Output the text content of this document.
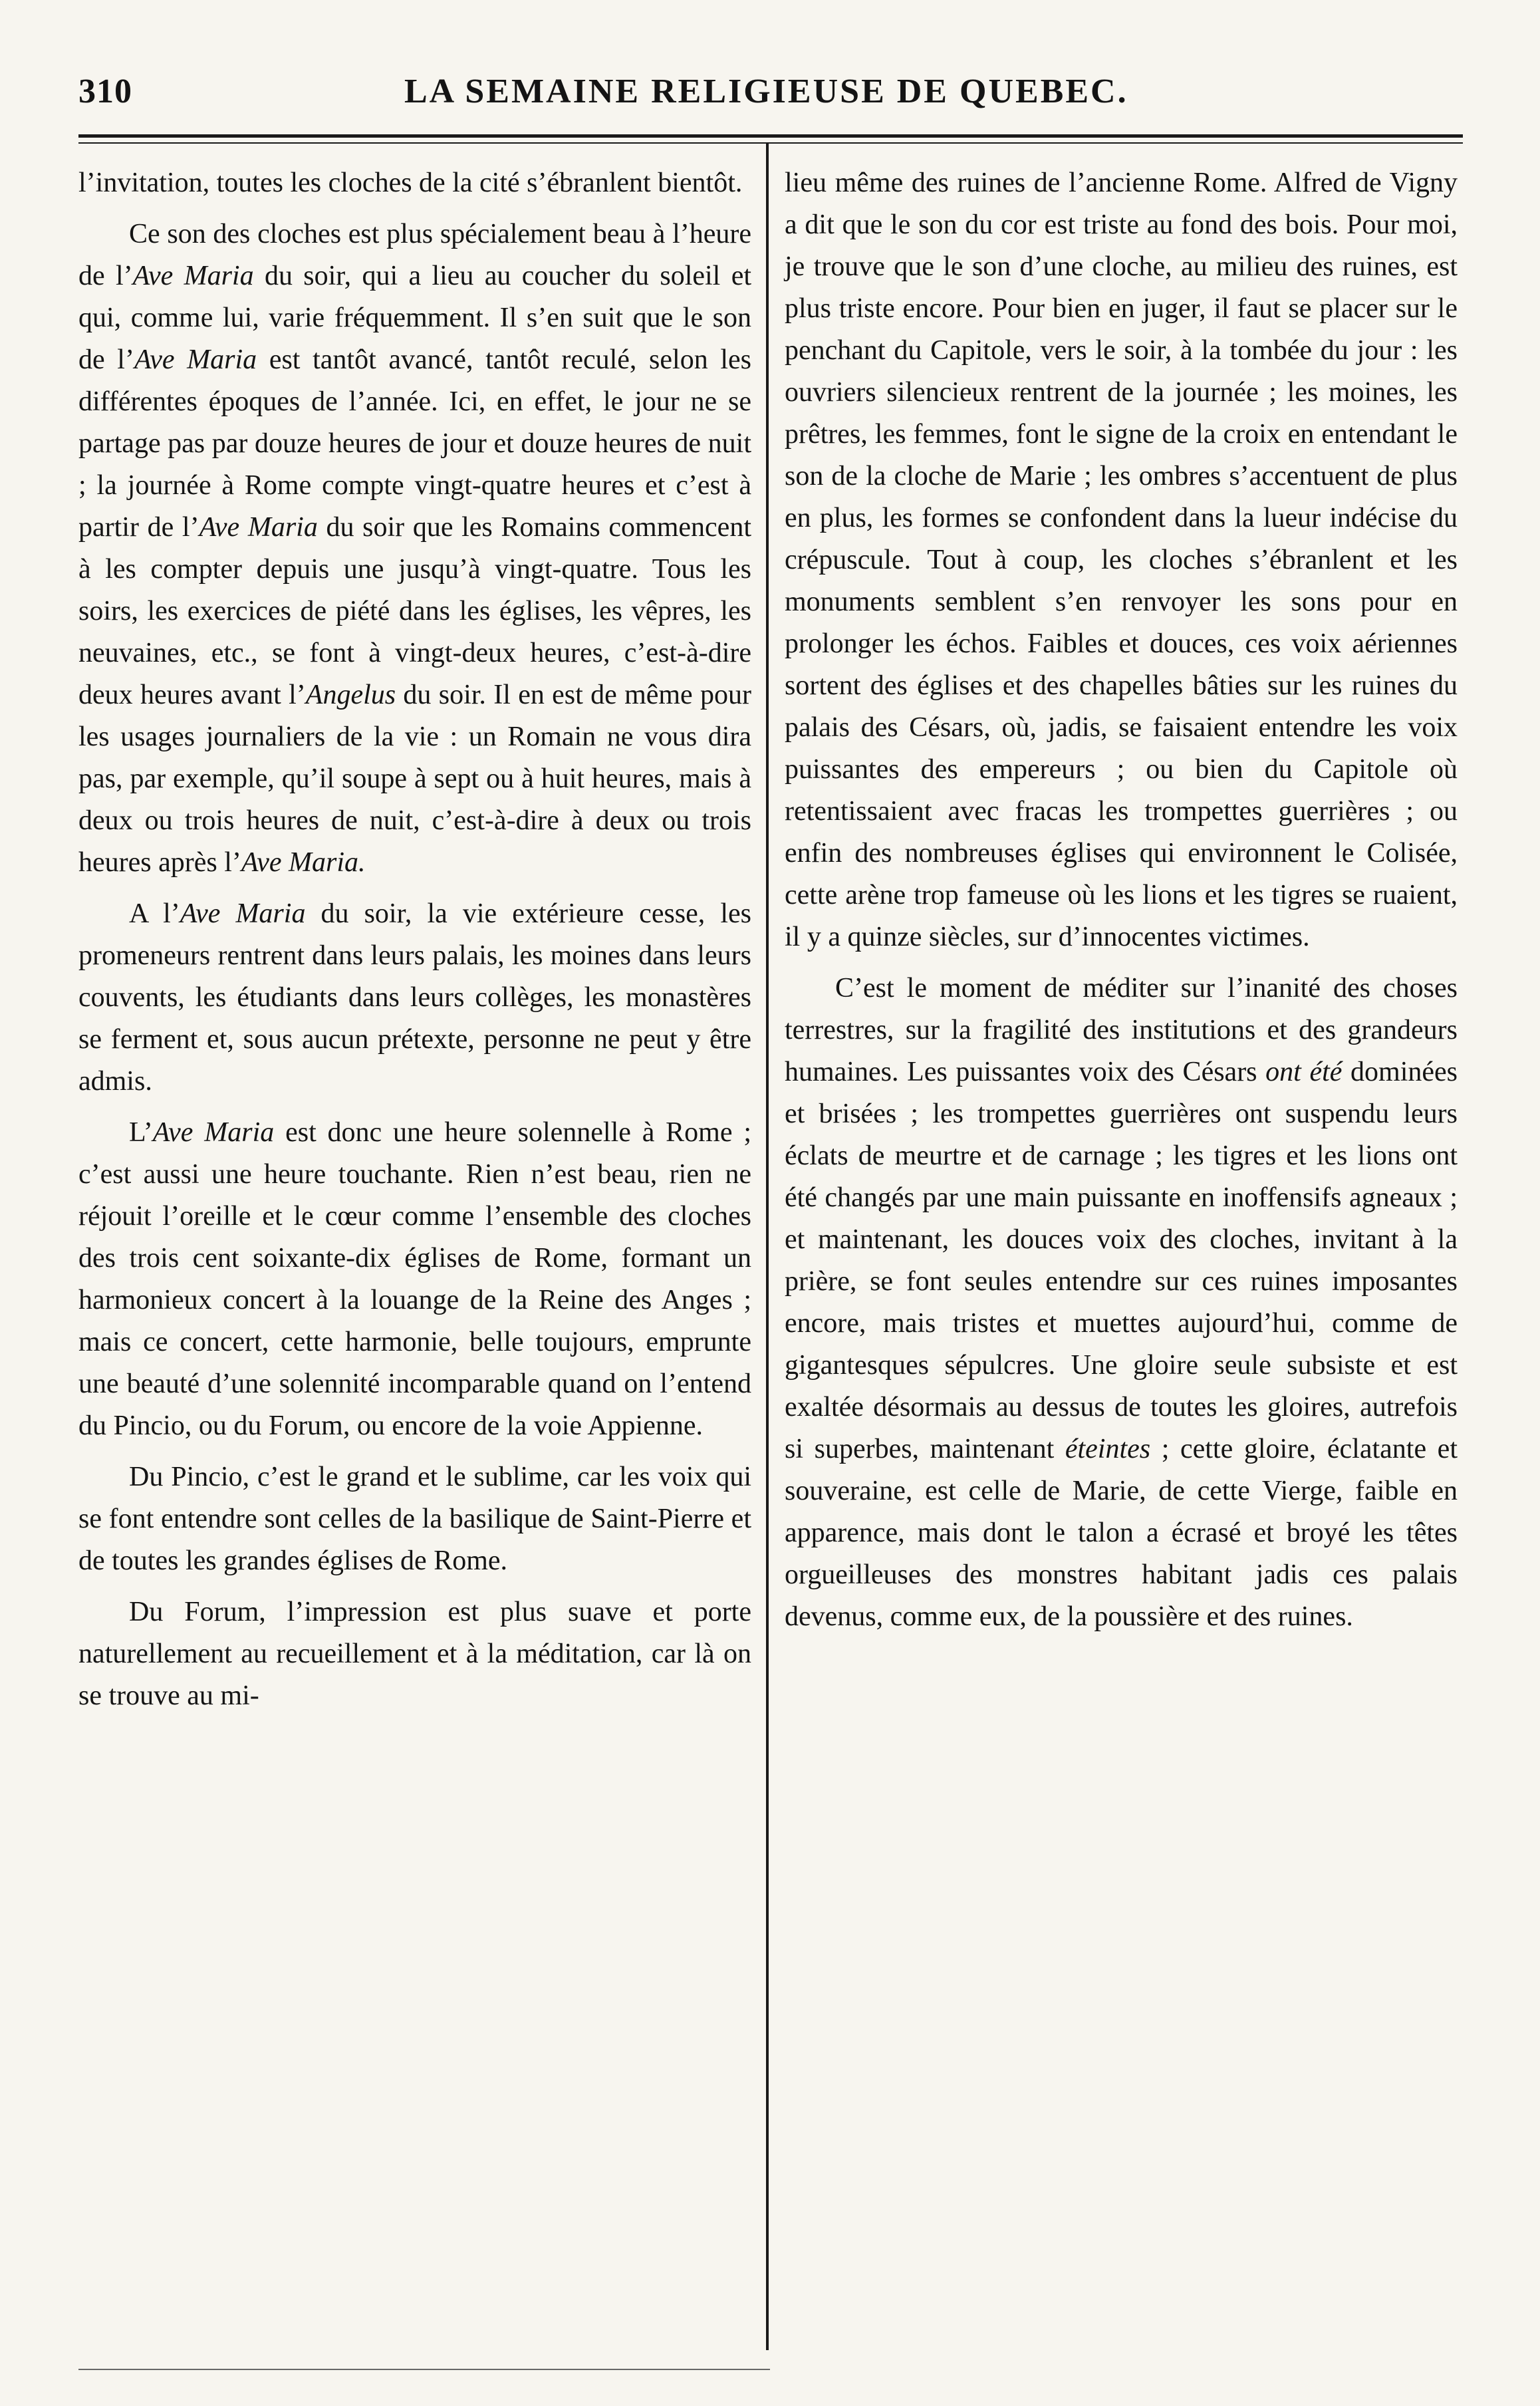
310	LA SEMAINE RELIGIEUSE DE QUEBEC.

l’invitation, toutes les cloches de la cité s’ébranlent bientôt.

Ce son des cloches est plus spécialement beau à l’heure de l’Ave Maria du soir, qui a lieu au coucher du soleil et qui, comme lui, varie fréquemment. Il s’en suit que le son de l’Ave Maria est tantôt avancé, tantôt reculé, selon les différentes époques de l’année. Ici, en effet, le jour ne se partage pas par douze heures de jour et douze heures de nuit ; la journée à Rome compte vingt-quatre heures et c’est à partir de l’Ave Maria du soir que les Romains commencent à les compter depuis une jusqu’à vingt-quatre. Tous les soirs, les exercices de piété dans les églises, les vêpres, les neuvaines, etc., se font à vingt-deux heures, c’est-à-dire deux heures avant l’Angelus du soir. Il en est de même pour les usages journaliers de la vie : un Romain ne vous dira pas, par exemple, qu’il soupe à sept ou à huit heures, mais à deux ou trois heures de nuit, c’est-à-dire à deux ou trois heures après l’Ave Maria.

A l’Ave Maria du soir, la vie extérieure cesse, les promeneurs rentrent dans leurs palais, les moines dans leurs couvents, les étudiants dans leurs collèges, les monastères se ferment et, sous aucun prétexte, personne ne peut y être admis.

L’Ave Maria est donc une heure solennelle à Rome ; c’est aussi une heure touchante. Rien n’est beau, rien ne réjouit l’oreille et le cœur comme l’ensemble des cloches des trois cent soixante-dix églises de Rome, formant un harmonieux concert à la louange de la Reine des Anges ; mais ce concert, cette harmonie, belle toujours, emprunte une beauté d’une solennité incomparable quand on l’entend du Pincio, ou du Forum, ou encore de la voie Appienne.

Du Pincio, c’est le grand et le sublime, car les voix qui se font entendre sont celles de la basilique de Saint-Pierre et de toutes les grandes églises de Rome.

Du Forum, l’impression est plus suave et porte naturellement au recueillement et à la méditation, car là on se trouve au mi-

lieu même des ruines de l’ancienne Rome. Alfred de Vigny a dit que le son du cor est triste au fond des bois. Pour moi, je trouve que le son d’une cloche, au milieu des ruines, est plus triste encore. Pour bien en juger, il faut se placer sur le penchant du Capitole, vers le soir, à la tombée du jour : les ouvriers silencieux rentrent de la journée ; les moines, les prêtres, les femmes, font le signe de la croix en entendant le son de la cloche de Marie ; les ombres s’accentuent de plus en plus, les formes se confondent dans la lueur indécise du crépuscule. Tout à coup, les cloches s’ébranlent et les monuments semblent s’en renvoyer les sons pour en prolonger les échos. Faibles et douces, ces voix aériennes sortent des églises et des chapelles bâties sur les ruines du palais des Césars, où, jadis, se faisaient entendre les voix puissantes des empereurs ; ou bien du Capitole où retentissaient avec fracas les trompettes guerrières ; ou enfin des nombreuses églises qui environnent le Colisée, cette arène trop fameuse où les lions et les tigres se ruaient, il y a quinze siècles, sur d’innocentes victimes.

C’est le moment de méditer sur l’inanité des choses terrestres, sur la fragilité des institutions et des grandeurs humaines. Les puissantes voix des Césars ont été dominées et brisées ; les trompettes guerrières ont suspendu leurs éclats de meurtre et de carnage ; les tigres et les lions ont été changés par une main puissante en inoffensifs agneaux ; et maintenant, les douces voix des cloches, invitant à la prière, se font seules entendre sur ces ruines imposantes encore, mais tristes et muettes aujourd’hui, comme de gigantesques sépulcres. Une gloire seule subsiste et est exaltée désormais au dessus de toutes les gloires, autrefois si superbes, maintenant éteintes ; cette gloire, éclatante et souveraine, est celle de Marie, de cette Vierge, faible en apparence, mais dont le talon a écrasé et broyé les têtes orgueilleuses des monstres habitant jadis ces palais devenus, comme eux, de la poussière et des ruines.
